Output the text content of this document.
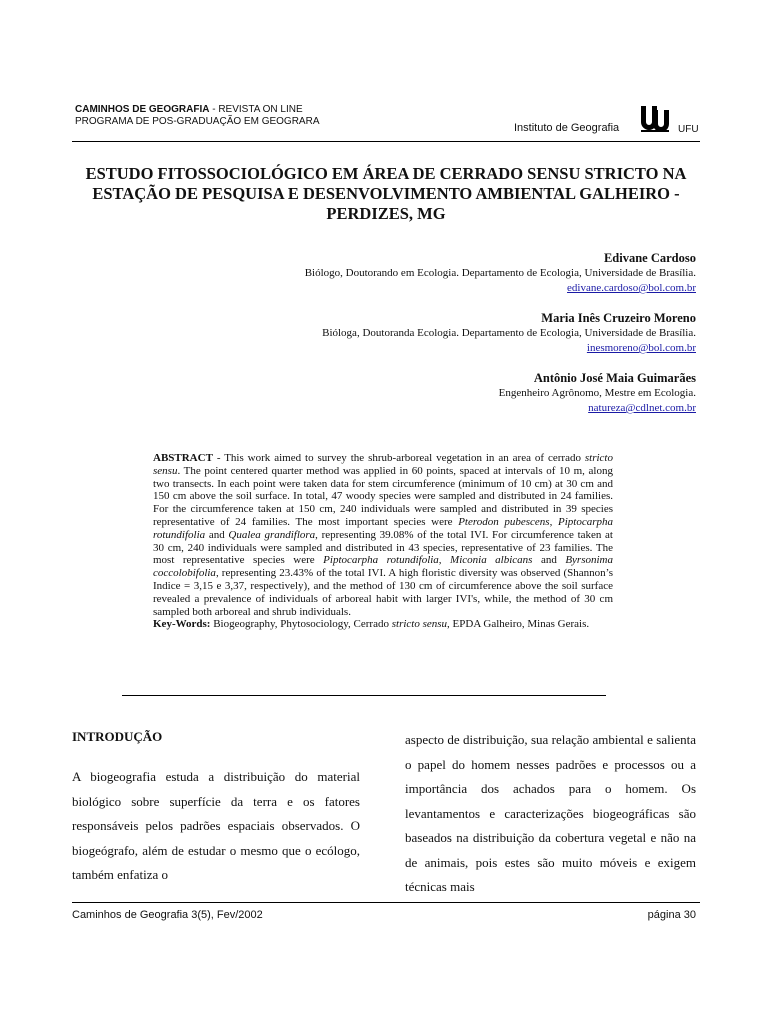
CAMINHOS DE GEOGRAFIA - REVISTA ON LINE
PROGRAMA DE POS-GRADUAÇÃO EM GEOGRARA
Instituto de Geografia	UFU
ESTUDO FITOSSOCIOLÓGICO EM ÁREA DE CERRADO SENSU STRICTO NA ESTAÇÃO DE PESQUISA E DESENVOLVIMENTO AMBIENTAL GALHEIRO - PERDIZES, MG
Edivane Cardoso
Biólogo, Doutorando em Ecologia. Departamento de Ecologia, Universidade de Brasília.
edivane.cardoso@bol.com.br
Maria Inês Cruzeiro Moreno
Bióloga, Doutoranda Ecologia. Departamento de Ecologia, Universidade de Brasília.
inesmoreno@bol.com.br
Antônio José Maia Guimarães
Engenheiro Agrônomo, Mestre em Ecologia.
natureza@cdlnet.com.br

ABSTRACT - This work aimed to survey the shrub-arboreal vegetation in an area of cerrado stricto sensu. The point centered quarter method was applied in 60 points, spaced at intervals of 10 m, along two transects. In each point were taken data for stem circumference (minimum of 10 cm) at 30 cm and 150 cm above the soil surface. In total, 47 woody species were sampled and distributed in 24 families. For the circumference taken at 150 cm, 240 individuals were sampled and distributed in 39 species representative of 24 families. The most important species were Pterodon pubescens, Piptocarpha rotundifolia and Qualea grandiflora, representing 39.08% of the total IVI. For circumference taken at 30 cm, 240 individuals were sampled and distributed in 43 species, representative of 23 families. The most representative species were Piptocarpha rotundifolia, Miconia albicans and Byrsonima coccolobifolia, representing 23.43% of the total IVI. A high floristic diversity was observed (Shannon’s Indice = 3,15 e 3,37, respectively), and the method of 130 cm of circumference above the soil surface revealed a prevalence of individuals of arboreal habit with larger IVI's, while, the method of 30 cm sampled both arboreal and shrub individuals.

Key-Words: Biogeography, Phytosociology, Cerrado stricto sensu, EPDA Galheiro, Minas Gerais.

INTRODUÇÃO

A biogeografia estuda a distribuição do material biológico sobre superfície da terra e os fatores responsáveis pelos padrões espaciais observados. O biogeógrafo, além de estudar o mesmo que o ecólogo, também enfatiza o

aspecto de distribuição, sua relação ambiental e salienta o papel do homem nesses padrões e processos ou a importância dos achados para o homem. Os levantamentos e caracterizações biogeográficas são baseados na distribuição da cobertura vegetal e não na de animais, pois estes são muito móveis e exigem técnicas mais

Caminhos de Geografia 3(5), Fev/2002	página 30
